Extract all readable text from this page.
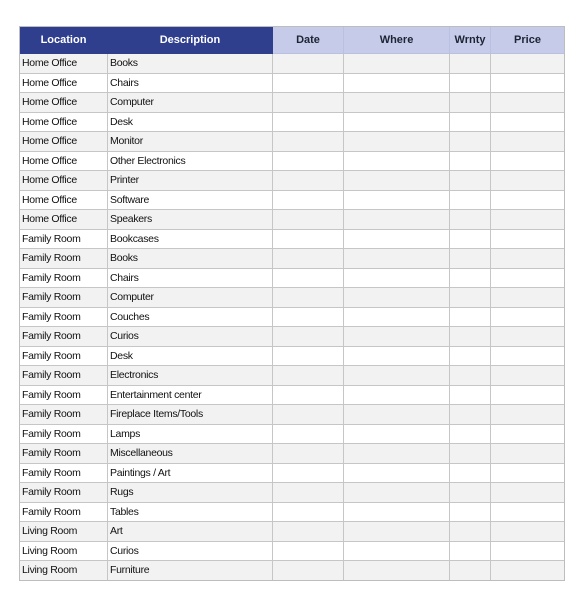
Location	Description	Date	Where	Wrnty	Price
Home Office	Books				
Home Office	Chairs				
Home Office	Computer				
Home Office	Desk				
Home Office	Monitor				
Home Office	Other Electronics				
Home Office	Printer				
Home Office	Software				
Home Office	Speakers				
Family Room	Bookcases				
Family Room	Books				
Family Room	Chairs				
Family Room	Computer				
Family Room	Couches				
Family Room	Curios				
Family Room	Desk				
Family Room	Electronics				
Family Room	Entertainment center				
Family Room	Fireplace Items/Tools				
Family Room	Lamps				
Family Room	Miscellaneous				
Family Room	Paintings / Art				
Family Room	Rugs				
Family Room	Tables				
Living Room	Art				
Living Room	Curios				
Living Room	Furniture				
